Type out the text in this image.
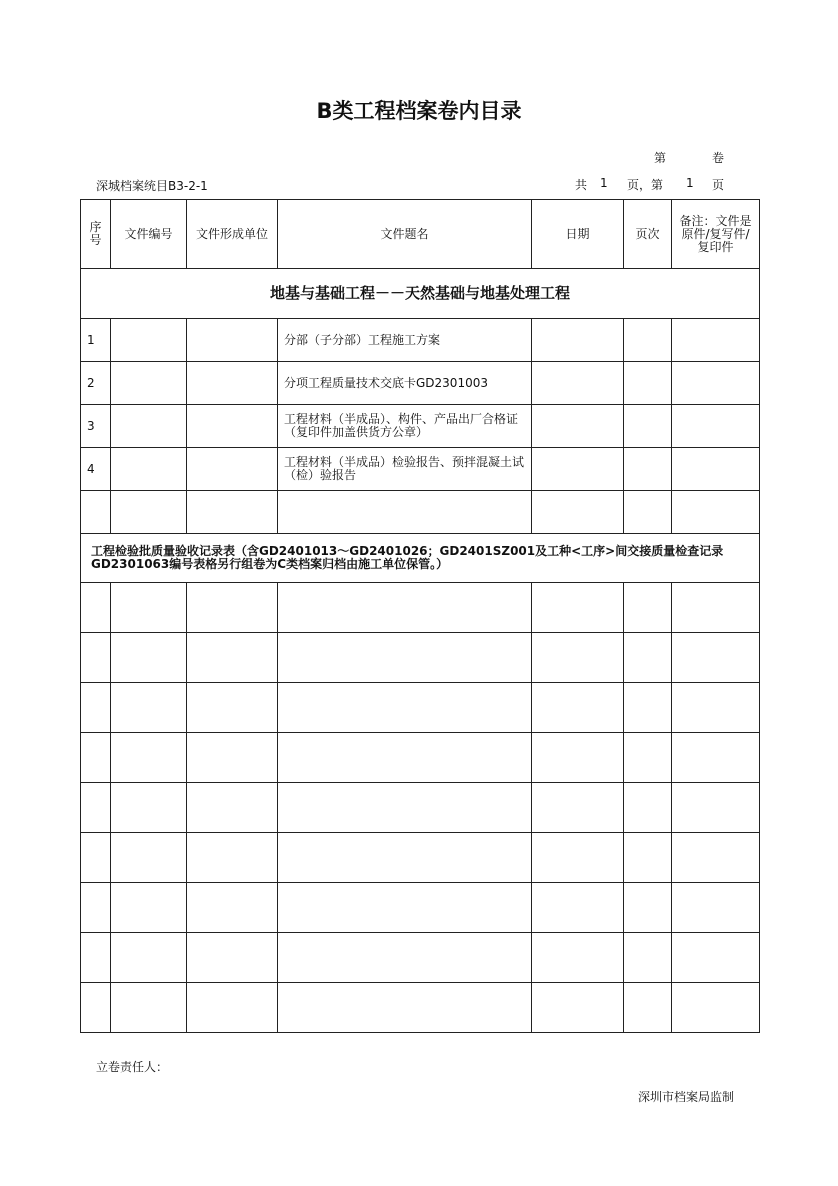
B类工程档案卷内目录
第	卷
深城档案统目B3-2-1	共 1 页，第 1 页
序号	文件编号	文件形成单位	文件题名	日期	页次	备注：文件是原件/复写件/复印件
地基与基础工程－－天然基础与地基处理工程						
1			分部（子分部）工程施工方案			
2			分项工程质量技术交底卡GD2301003			
3			工程材料（半成品）、构件、产品出厂合格证（复印件加盖供货方公章）			
4			工程材料（半成品）检验报告、预拌混凝土试（检）验报告			

工程检验批质量验收记录表（含GD2401013～GD2401026；GD2401SZ001及工种<工序>间交接质量检查记录GD2301063编号表格另行组卷为C类档案归档由施工单位保管。）						

立卷责任人：
深圳市档案局监制
